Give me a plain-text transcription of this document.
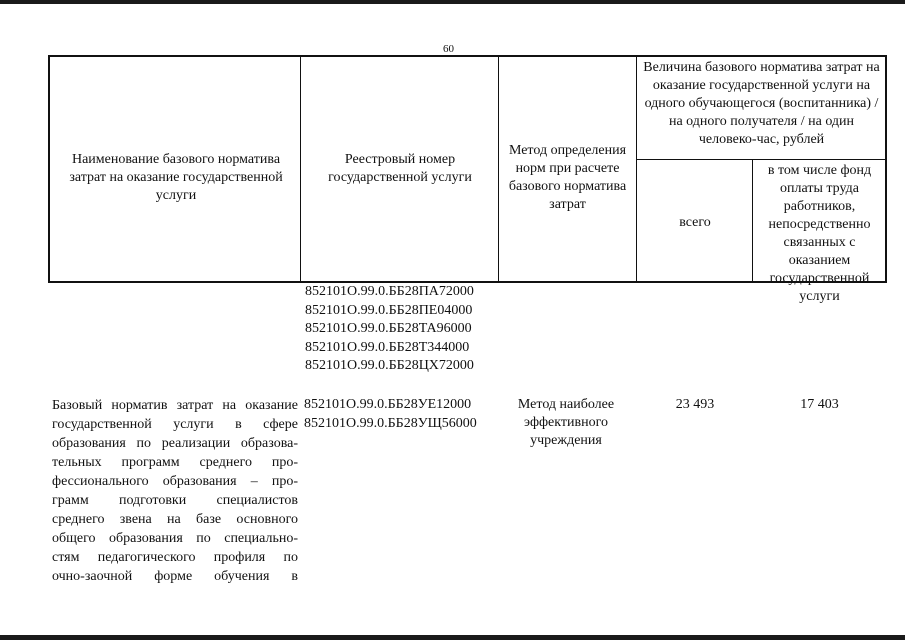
60
Наименование базового норматива затрат на оказание государственной услуги
Реестровый номер государственной услуги
Метод определения норм при расчете базового норматива затрат
Величина базового норматива затрат на оказание государственной услуги на одного обучающегося (воспитанника) / на одного получателя / на один человеко-час, рублей
всего
в том числе фонд оплаты труда работников, непосредственно связанных с оказанием государственной услуги
852101О.99.0.ББ28ПА72000
852101О.99.0.ББ28ПЕ04000
852101О.99.0.ББ28ТА96000
852101О.99.0.ББ28Т344000
852101О.99.0.ББ28ЦХ72000
Базовый норматив затрат на оказание
государственной услуги в сфере
образования по реализации образова-
тельных программ среднего про-
фессионального образования – про-
грамм подготовки специалистов
среднего звена на базе основного
общего образования по специально-
стям педагогического профиля по
очно-заочной форме обучения в
852101О.99.0.ББ28УЕ12000
852101О.99.0.ББ28УЩ56000
Метод наиболее эффективного учреждения
23 493	17 403
